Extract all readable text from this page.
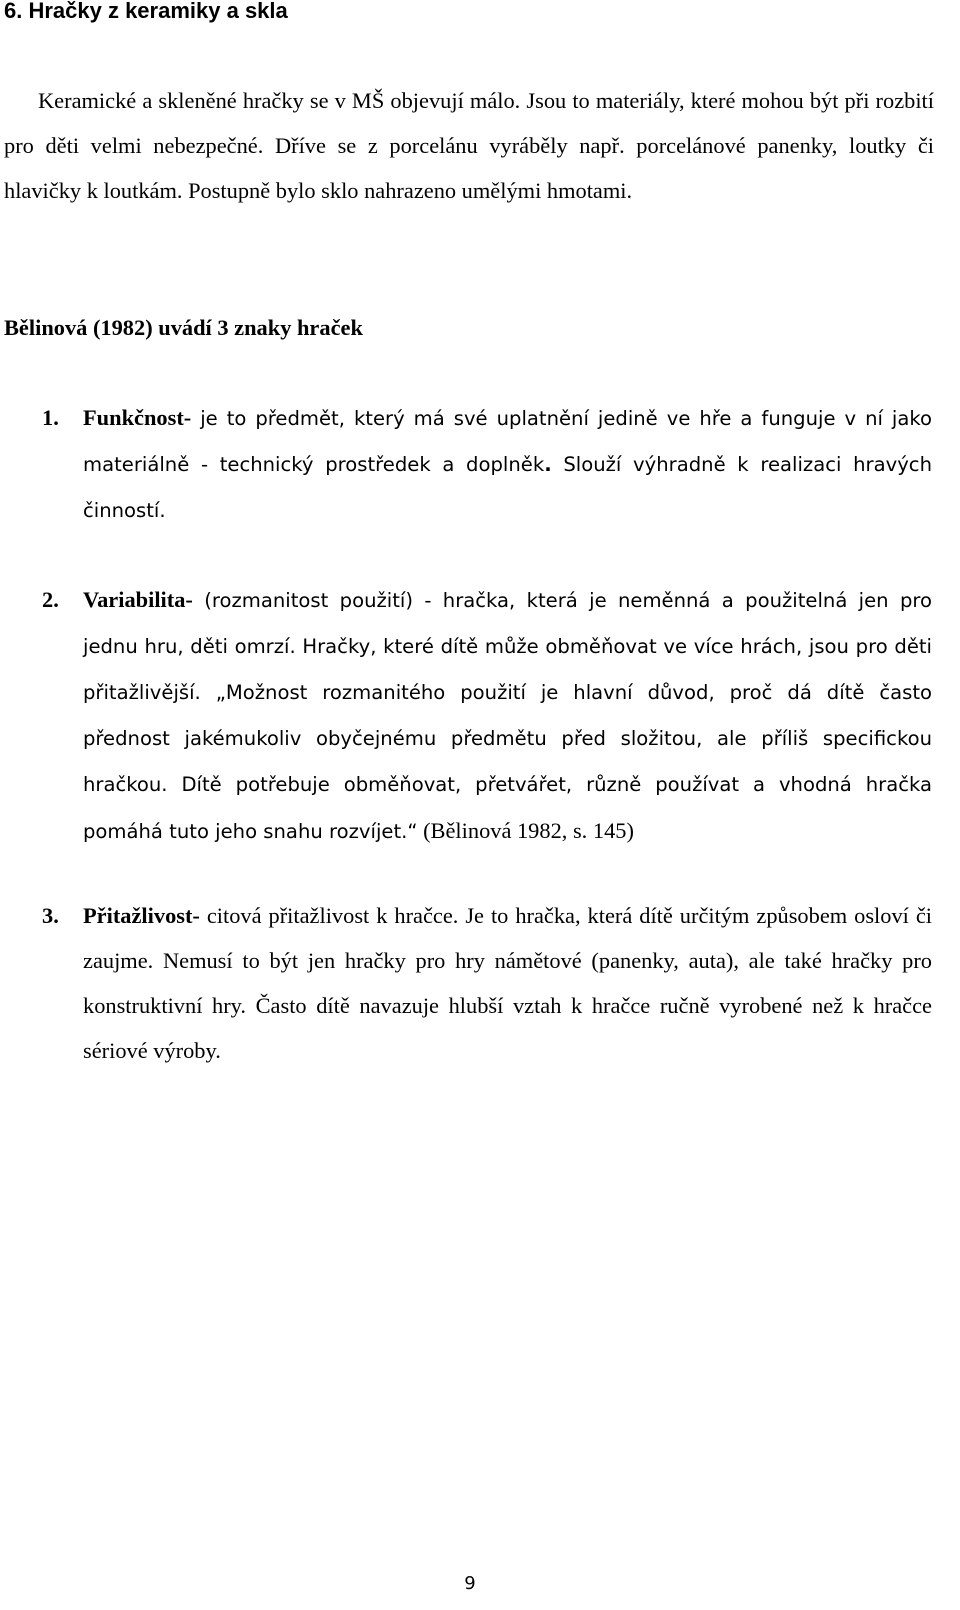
6. Hračky z keramiky a skla

Keramické a skleněné hračky se v MŠ objevují málo. Jsou to materiály, které mohou být při rozbití pro děti velmi nebezpečné. Dříve se z porcelánu vyráběly např. porcelánové panenky, loutky či hlavičky k loutkám. Postupně bylo sklo nahrazeno umělými hmotami.

Bělinová (1982) uvádí 3 znaky hraček
1. Funkčnost- je to předmět, který má své uplatnění jedině ve hře a funguje v ní jako materiálně - technický prostředek a doplněk. Slouží výhradně k realizaci hravých činností.
2. Variabilita- (rozmanitost použití) - hračka, která je neměnná a použitelná jen pro jednu hru, děti omrzí. Hračky, které dítě může obměňovat ve více hrách, jsou pro děti přitažlivější. „Možnost rozmanitého použití je hlavní důvod, proč dá dítě často přednost jakémukoliv obyčejnému předmětu před složitou, ale příliš specifickou hračkou. Dítě potřebuje obměňovat, přetvářet, různě používat a vhodná hračka pomáhá tuto jeho snahu rozvíjet.“ (Bělinová 1982, s. 145)
3. Přitažlivost- citová přitažlivost k hračce. Je to hračka, která dítě určitým způsobem osloví či zaujme. Nemusí to být jen hračky pro hry námětové (panenky, auta), ale také hračky pro konstruktivní hry. Často dítě navazuje hlubší vztah k hračce ručně vyrobené než k hračce sériové výroby.

9
